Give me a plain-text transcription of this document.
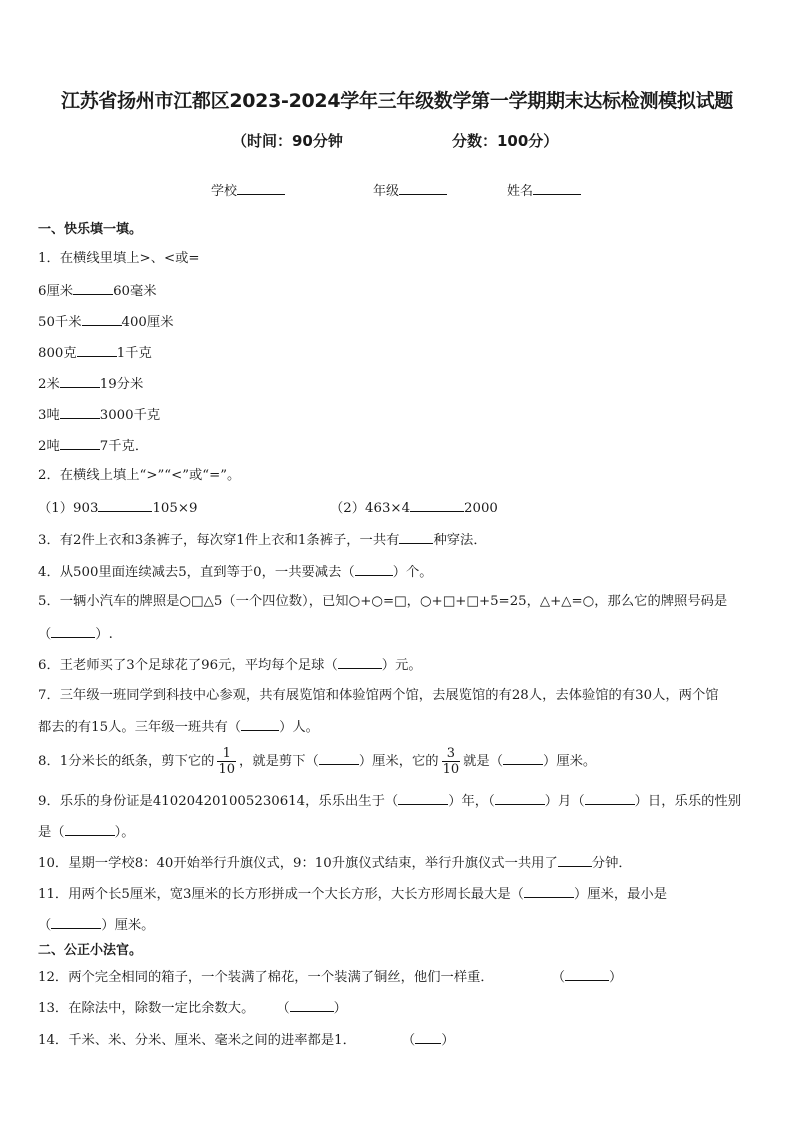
江苏省扬州市江都区2023-2024学年三年级数学第一学期期末达标检测模拟试题
（时间：90分钟	分数：100分）
学校	年级	姓名
一、快乐填一填。
1．在横线里填上>、<或=
6厘米	60毫米
50千米	400厘米
800克	1千克
2米	19分米
3吨	3000千克
2吨	7千克．
2．在横线上填上“>”“<”或“=”。
（1）903	105×9	（2）463×4	2000
3．有2件上衣和3条裤子，每次穿1件上衣和1条裤子，一共有	种穿法．
4．从500里面连续减去5，直到等于0，一共要减去（	）个。
5．一辆小汽车的牌照是○□△5（一个四位数），已知○+○=□，○+□+□+5=25，△+△=○，那么它的牌照号码是
（	）.
6．王老师买了3个足球花了96元，平均每个足球（	）元。
7．三年级一班同学到科技中心参观，共有展览馆和体验馆两个馆，去展览馆的有28人，去体验馆的有30人，两个馆
都去的有15人。三年级一班共有（	）人。
8．1分米长的纸条，剪下它的 $\frac{1}{10}$ ，就是剪下（	）厘米，它的 $\frac{3}{10}$ 就是（	）厘米。
9．乐乐的身份证是410204201005230614，乐乐出生于（	）年，（	）月（	）日，乐乐的性别
是（	）。
10．星期一学校8：40开始举行升旗仪式，9：10升旗仪式结束，举行升旗仪式一共用了	分钟．
11．用两个长5厘米，宽3厘米的长方形拼成一个大长方形，大长方形周长最大是（	）厘米，最小是
（	）厘米。
二、公正小法官。
12．两个完全相同的箱子，一个装满了棉花，一个装满了铜丝，他们一样重．	（	）
13．在除法中，除数一定比余数大。 （	）
14．千米、米、分米、厘米、毫米之间的进率都是1．	（ ）
